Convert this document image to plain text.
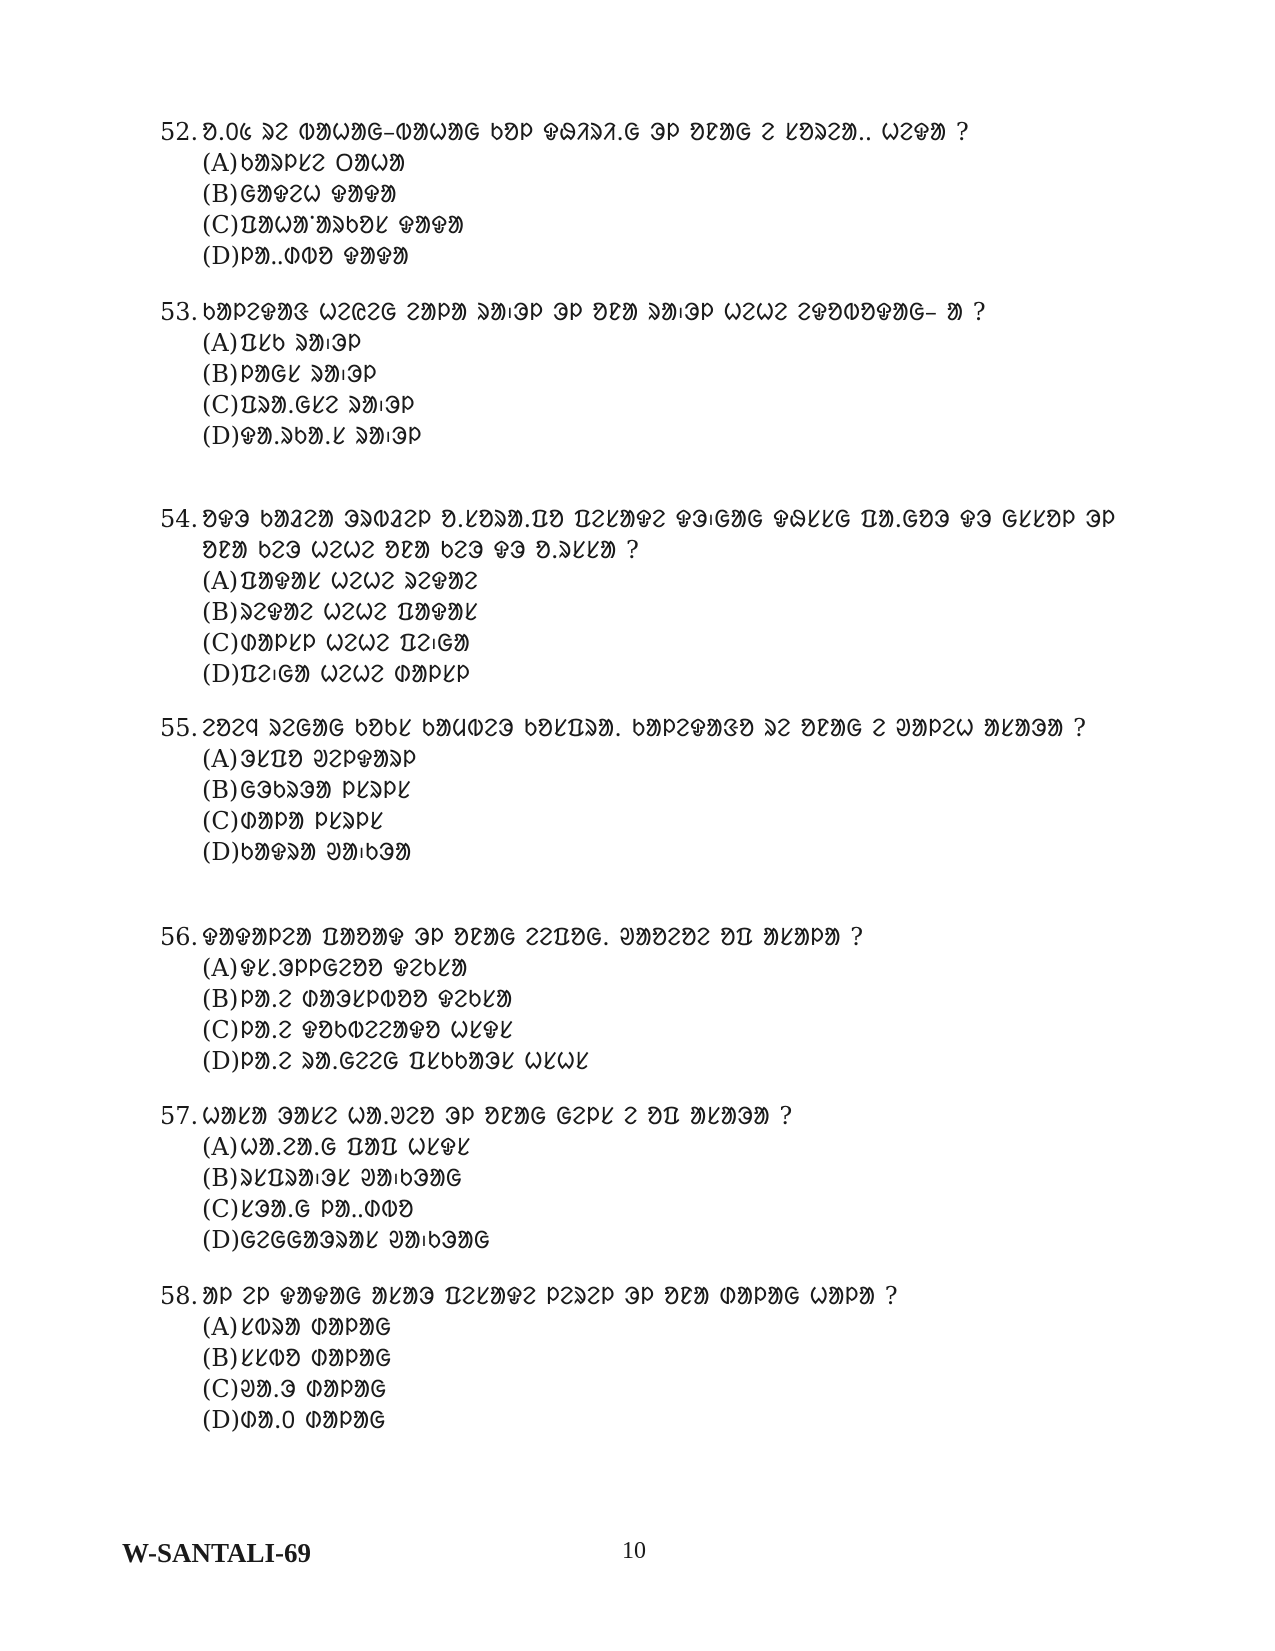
52. ᱚ.᱐᱕ ᱨᱮ ᱵᱟᱦᱟᱜ–ᱵᱟᱦᱟᱜ ᱠᱚᱞ ᱫᱷᱤᱨᱤ.ᱜ ᱳᱞ ᱚᱱᱟᱜ ᱮ ᱥᱚᱨᱮᱟ.ᱹ ᱦᱮᱫᱟ ?
(A) ᱠᱟᱨᱞᱥᱮ ᱛᱟᱦᱟ
(B) ᱜᱟᱫᱮᱦ ᱫᱟᱫᱟ
(C) ᱯᱟᱦᱟᱸᱟᱨᱠᱚᱥ ᱫᱟᱫᱟ
(D) ᱞᱟᱹᱹᱰᱵᱚ ᱫᱟᱫᱟ
53. ᱠᱟᱞᱮᱫᱟᱝ ᱦᱮᱭᱮᱜ ᱮᱟᱞᱟ ᱨᱟ᱾ᱳᱞ ᱳᱞ ᱚᱱᱟ ᱨᱟ᱾ᱳᱞ ᱦᱮᱦᱮ ᱮᱫᱚᱵᱚᱫᱟᱜ– ᱟ ?
(A) ᱯᱥᱠ ᱨᱟ᱾ᱳᱞ
(B) ᱞᱟᱜᱥ ᱨᱟ᱾ᱳᱞ
(C) ᱯᱨᱟ.ᱜᱥᱮ ᱨᱟ᱾ᱳᱞ
(D) ᱫᱟ.ᱨᱠᱟ.ᱥ ᱨᱟ᱾ᱳᱞ
54. ᱚᱫᱳ ᱠᱟᱲᱮᱟ ᱳᱨᱵᱲᱮᱞ ᱚ.ᱥᱚᱨᱟ.ᱯᱚ ᱯᱮᱥᱟᱫᱮ ᱫᱳ᱾ᱜᱟᱜ ᱫᱷᱥᱥᱜ ᱯᱟ.ᱜᱚᱳ ᱫᱳ ᱜᱥᱥᱚᱞ ᱳᱞ ᱚᱱᱟ ᱠᱮᱳ ᱦᱮᱦᱮ ᱚᱱᱟ ᱠᱮᱳ ᱫᱳ ᱚ.ᱨᱥᱥᱟ ?
(A) ᱯᱟᱫᱟᱥ ᱦᱮᱦᱮ ᱨᱮᱫᱟᱮ
(B) ᱨᱮᱫᱟᱮ ᱦᱮᱦᱮ ᱯᱟᱫᱟᱥ
(C) ᱰᱟᱞᱥᱞ ᱦᱮᱦᱮ ᱯᱮ᱾ᱜᱟ
(D) ᱯᱮ᱾ᱜᱟ ᱦᱮᱦᱮ ᱰᱟᱞᱥᱞ
55. ᱮᱚᱮᱧ ᱨᱮᱜᱟᱜ ᱠᱚᱠᱥ ᱠᱟᱢᱵᱮᱳ ᱠᱚᱥᱯᱨᱟ. ᱠᱟᱞᱮᱫᱟᱝᱚ ᱨᱮ ᱚᱱᱟᱜ ᱮ ᱣᱟᱞᱮᱦ ᱟᱥᱟᱳᱟ ?
(A) ᱳᱥᱯᱚ ᱣᱮᱞᱫᱟᱨᱞ
(B) ᱜᱳᱠᱨᱳᱟ ᱞᱥᱨᱞᱥ
(C) ᱰᱟᱞᱟ ᱞᱥᱨᱞᱥ
(D) ᱠᱟᱫᱨᱟ ᱣᱟ᱾ᱠᱳᱟ
56. ᱫᱟᱫᱟᱞᱮᱟ ᱯᱟᱚᱟᱫ ᱳᱞ ᱚᱱᱟᱜ ᱮᱮᱯᱚᱜ. ᱣᱟᱚᱮᱚᱮ ᱚᱯ ᱟᱥᱟᱞᱟ ?
(A) ᱫᱥ.ᱳᱞᱞᱜᱮᱚᱚ ᱫᱮᱠᱥᱟ
(B) ᱞᱟ.ᱮ ᱰᱟᱳᱥᱞᱵᱚᱚ ᱫᱮᱠᱥᱟ
(C) ᱞᱟ.ᱮ ᱫᱚᱠᱵᱮᱮᱟᱫᱚ ᱦᱥᱫᱥ
(D) ᱞᱟ.ᱮ ᱨᱟ.ᱜᱮᱮᱜ ᱯᱥᱠᱠᱟᱳᱥ ᱦᱥᱦᱥ
57. ᱦᱟᱥᱟ ᱳᱟᱥᱮ ᱦᱟ.ᱣᱮᱚ ᱳᱞ ᱚᱱᱟᱜ ᱜᱮᱞᱥ ᱮ ᱚᱯ ᱟᱥᱟᱳᱟ ?
(A) ᱦᱟ.ᱮᱟ.ᱜ ᱯᱟᱯ ᱦᱥᱫᱥ
(B) ᱨᱥᱯᱨᱟ᱾ᱳᱥ ᱣᱟ᱾ᱠᱳᱟᱜ
(C) ᱥᱳᱟ.ᱜ ᱞᱟᱹᱹᱰᱵᱚ
(D) ᱜᱮᱜᱜᱟᱳᱨᱟᱥ ᱣᱟ᱾ᱠᱳᱟᱜ
58. ᱟᱞ ᱮᱞ ᱫᱟᱫᱟᱜ ᱟᱥᱟᱳ ᱯᱮᱥᱟᱫᱮ ᱞᱮᱨᱮᱞ ᱳᱞ ᱚᱱᱟ ᱰᱟᱞᱟᱜ ᱦᱟᱞᱟ ?
(A) ᱥᱵᱨᱟ ᱰᱟᱞᱟᱜ
(B) ᱥᱥᱵᱚ ᱰᱟᱞᱟᱜ
(C) ᱣᱟ.ᱳ ᱰᱟᱞᱟᱜ
(D) ᱰᱟ.᱐ ᱰᱟᱞᱟᱜ
W-SANTALI-69	10
